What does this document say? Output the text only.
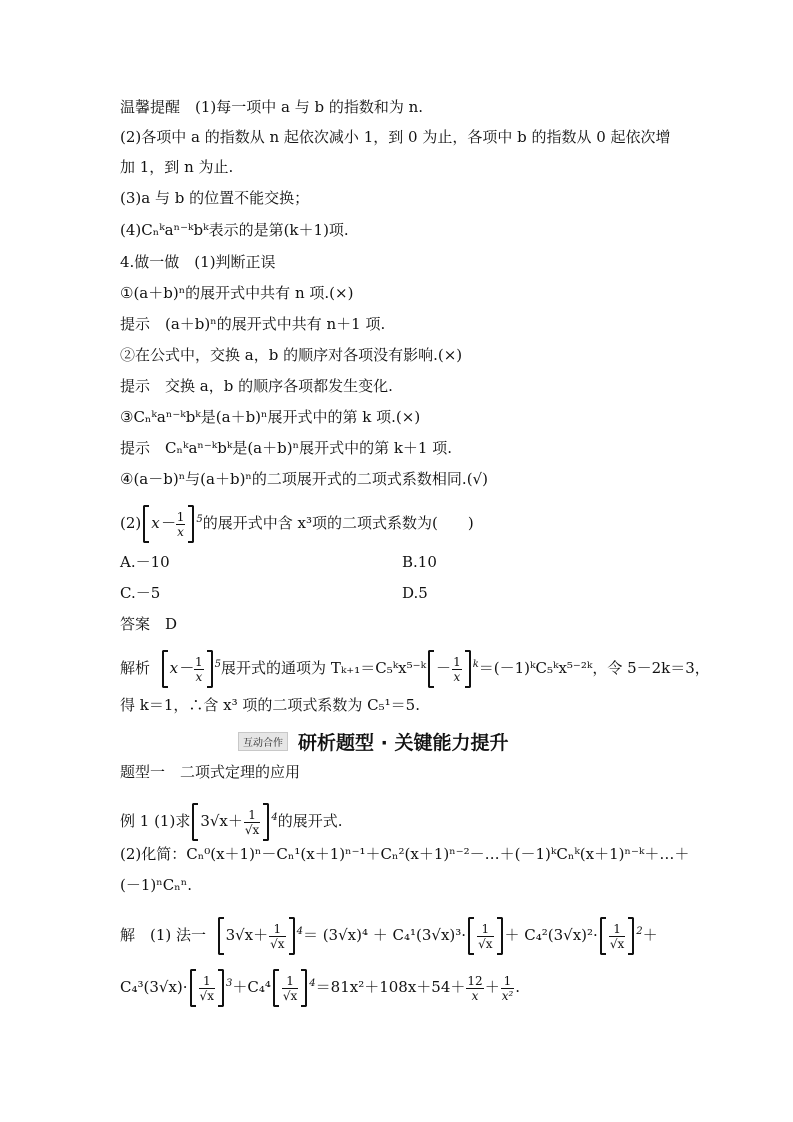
温馨提醒　(1)每一项中 a 与 b 的指数和为 n.
(2)各项中 a 的指数从 n 起依次减小 1，到 0 为止，各项中 b 的指数从 0 起依次增
加 1，到 n 为止.
(3)a 与 b 的位置不能交换；
(4)Cₙᵏaⁿ⁻ᵏbᵏ表示的是第(k＋1)项.
4.做一做　(1)判断正误
①(a＋b)ⁿ的展开式中共有 n 项.(×)
提示　(a＋b)ⁿ的展开式中共有 n＋1 项.
②在公式中，交换 a，b 的顺序对各项没有影响.(×)
提示　交换 a，b 的顺序各项都发生变化.
③Cₙᵏaⁿ⁻ᵏbᵏ是(a＋b)ⁿ展开式中的第 k 项.(×)
提示　Cₙᵏaⁿ⁻ᵏbᵏ是(a＋b)ⁿ展开式中的第 k＋1 项.
④(a－b)ⁿ与(a＋b)ⁿ的二项展开式的二项式系数相同.(√)
(2) $x- \frac{1}{x} ^5$的展开式中含 x³项的二项式系数为(　　)
A.－10	B.10
C.－5	D.5
答案　D
解析 $x- \frac{1}{x} ^5$展开式的通项为 Tₖ₊₁＝C₅ᵏx⁵⁻ᵏ － $\frac{1}{x}$ $^k$＝(－1)ᵏC₅ᵏx⁵⁻²ᵏ，令 5－2k＝3，
得 k＝1，∴含 x³ 项的二项式系数为 C₅¹＝5.
互动合作 研析题型 · 关键能力提升
题型一　二项式定理的应用
例 1 (1)求 $3√x+ \frac{1}{√x} ^4$的展开式.
(2)化简：Cₙ⁰(x＋1)ⁿ－Cₙ¹(x＋1)ⁿ⁻¹＋Cₙ²(x＋1)ⁿ⁻²－…＋(－1)ᵏCₙᵏ(x＋1)ⁿ⁻ᵏ＋…＋
(－1)ⁿCₙⁿ.
解　(1) 法一 $3√x+ \frac{1}{√x} ^4= (3√x)^4 + C_4^1(3√x)^3\cdot \frac{1}{√x} + C_4^2(3√x)^2\cdot \frac{1}{√x} ^2+$
$C_4^3(3√x)\cdot \frac{1}{√x} ^3+C_4^4 \frac{1}{√x} ^4=81x^2+108x+54+ \frac{12}{x} + \frac{1}{\text{x²}}$ .
